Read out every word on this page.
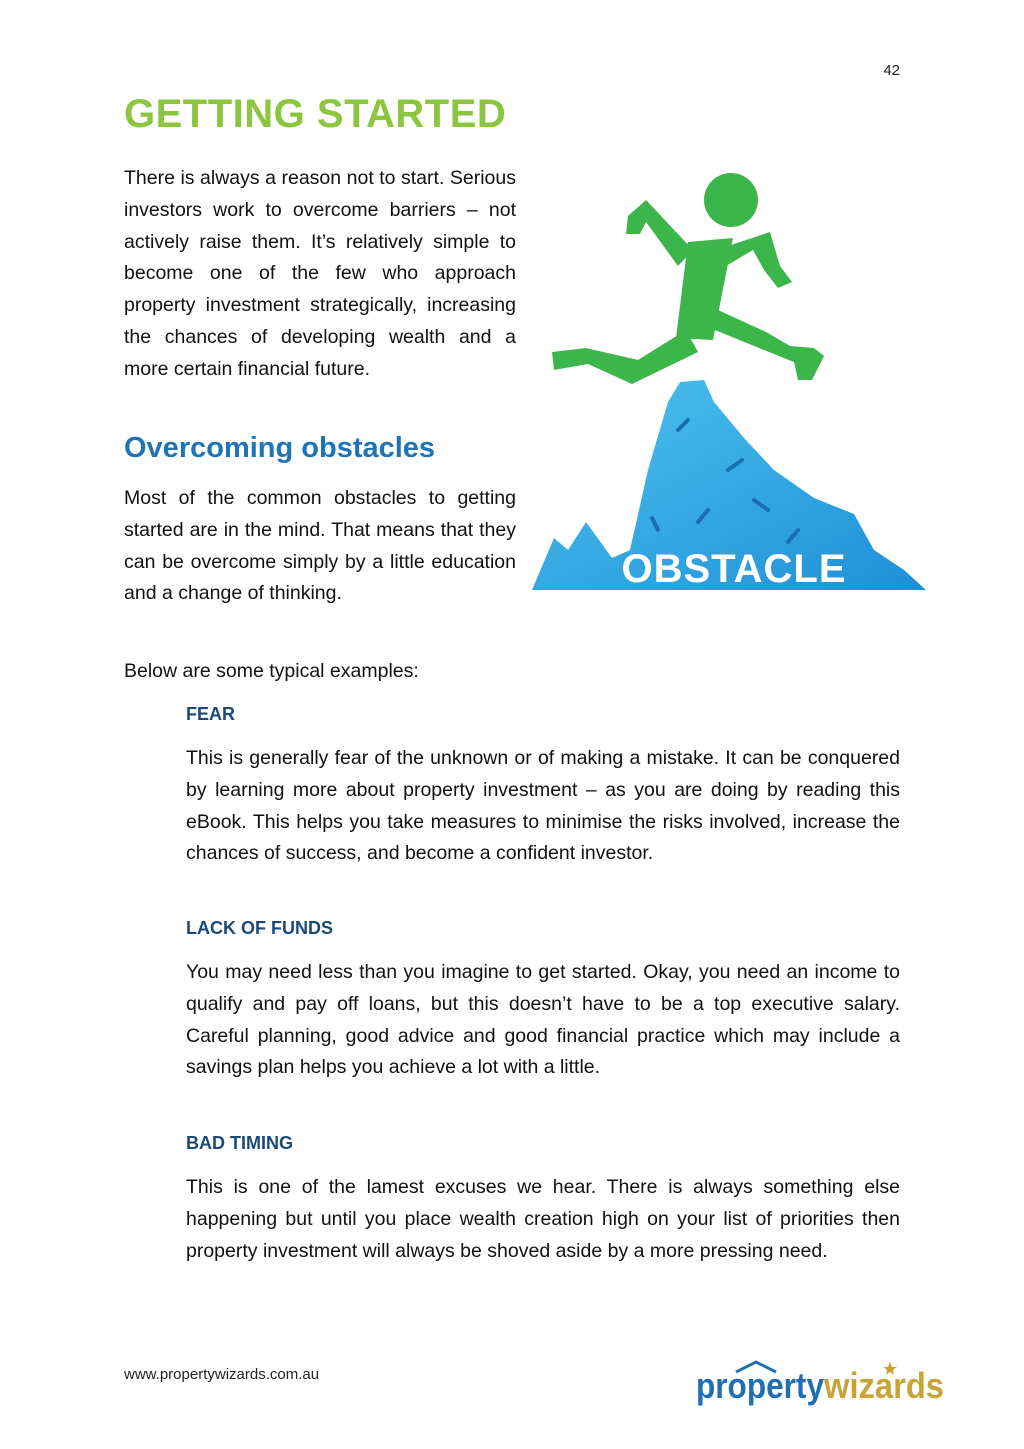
42
GETTING STARTED

There is always a reason not to start. Serious investors work to overcome barriers – not actively raise them. It’s relatively simple to become one of the few who approach property investment strategically, increasing the chances of developing wealth and a more certain financial future.

Overcoming obstacles

Most of the common obstacles to getting started are in the mind. That means that they can be overcome simply by a little education and a change of thinking.

Below are some typical examples:

OBSTACLE
FEAR

This is generally fear of the unknown or of making a mistake. It can be conquered by learning more about property investment – as you are doing by reading this eBook. This helps you take measures to minimise the risks involved, increase the chances of success, and become a confident investor.

LACK OF FUNDS

You may need less than you imagine to get started. Okay, you need an income to qualify and pay off loans, but this doesn’t have to be a top executive salary. Careful planning, good advice and good financial practice which may include a savings plan helps you achieve a lot with a little.

BAD TIMING

This is one of the lamest excuses we hear. There is always something else happening but until you place wealth creation high on your list of priorities then property investment will always be shoved aside by a more pressing need.

www.propertywizards.com.au	property wizards
